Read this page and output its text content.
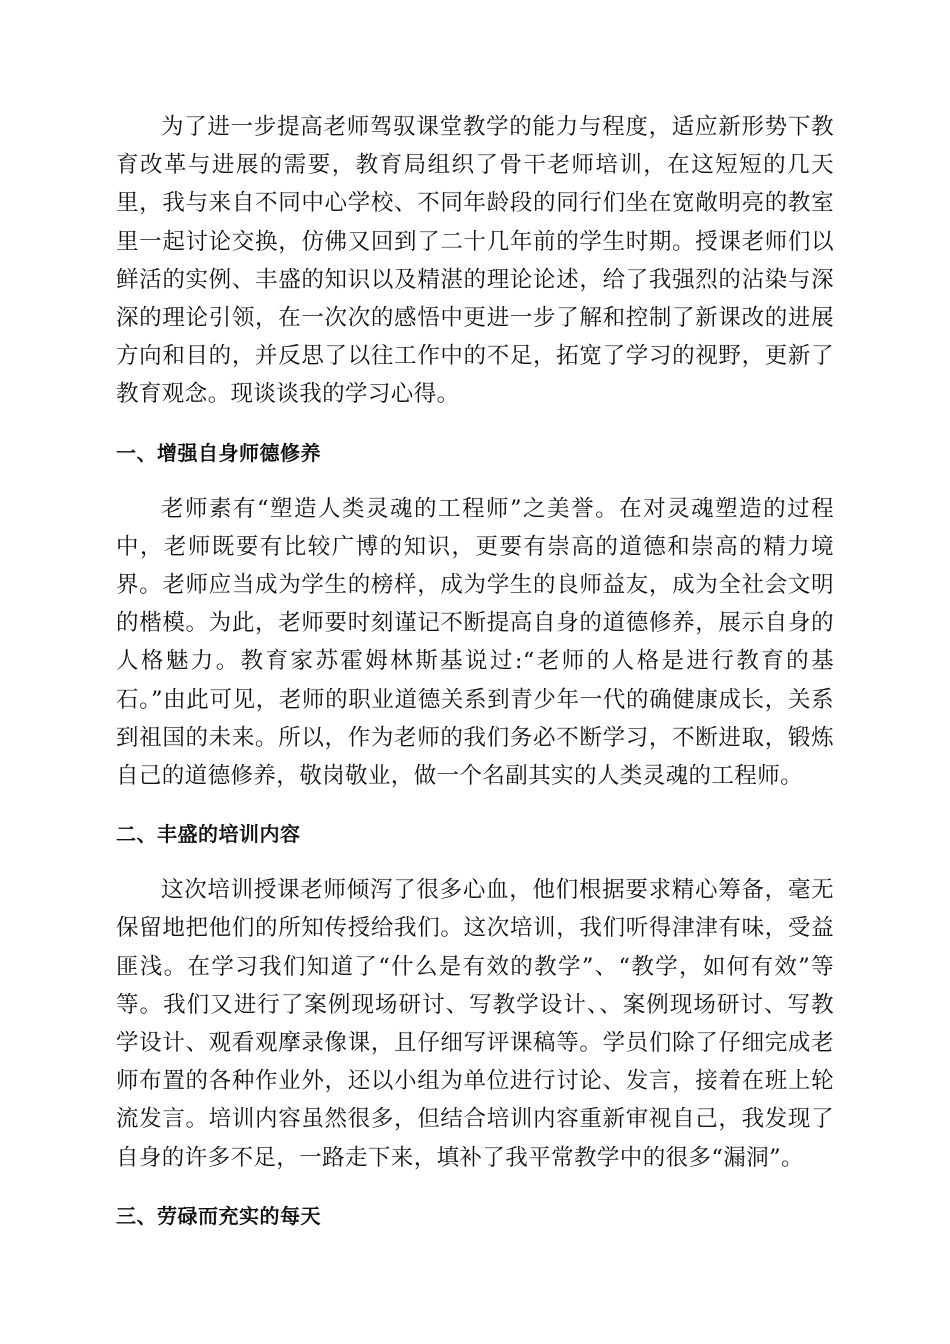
为了进一步提高老师驾驭课堂教学的能力与程度，适应新形势下教育改革与进展的需要，教育局组织了骨干老师培训，在这短短的几天里，我与来自不同中心学校、不同年龄段的同行们坐在宽敞明亮的教室里一起讨论交换，仿佛又回到了二十几年前的学生时期。授课老师们以鲜活的实例、丰盛的知识以及精湛的理论论述，给了我强烈的沾染与深深的理论引领，在一次次的感悟中更进一步了解和控制了新课改的进展方向和目的，并反思了以往工作中的不足，拓宽了学习的视野，更新了教育观念。现谈谈我的学习心得。

一、增强自身师德修养

老师素有“塑造人类灵魂的工程师”之美誉。在对灵魂塑造的过程中，老师既要有比较广博的知识，更要有崇高的道德和崇高的精力境界。老师应当成为学生的榜样，成为学生的良师益友，成为全社会文明的楷模。为此，老师要时刻谨记不断提高自身的道德修养，展示自身的人格魅力。教育家苏霍姆林斯基说过:“老师的人格是进行教育的基石。”由此可见，老师的职业道德关系到青少年一代的确健康成长，关系到祖国的未来。所以，作为老师的我们务必不断学习，不断进取，锻炼自己的道德修养，敬岗敬业，做一个名副其实的人类灵魂的工程师。

二、丰盛的培训内容

这次培训授课老师倾泻了很多心血，他们根据要求精心筹备，毫无保留地把他们的所知传授给我们。这次培训，我们听得津津有味，受益匪浅。在学习我们知道了“什么是有效的教学”、“教学，如何有效”等等。我们又进行了案例现场研讨、写教学设计、、案例现场研讨、写教学设计、观看观摩录像课，且仔细写评课稿等。学员们除了仔细完成老师布置的各种作业外，还以小组为单位进行讨论、发言，接着在班上轮流发言。培训内容虽然很多，但结合培训内容重新审视自己，我发现了自身的许多不足，一路走下来，填补了我平常教学中的很多“漏洞”。

三、劳碌而充实的每天
